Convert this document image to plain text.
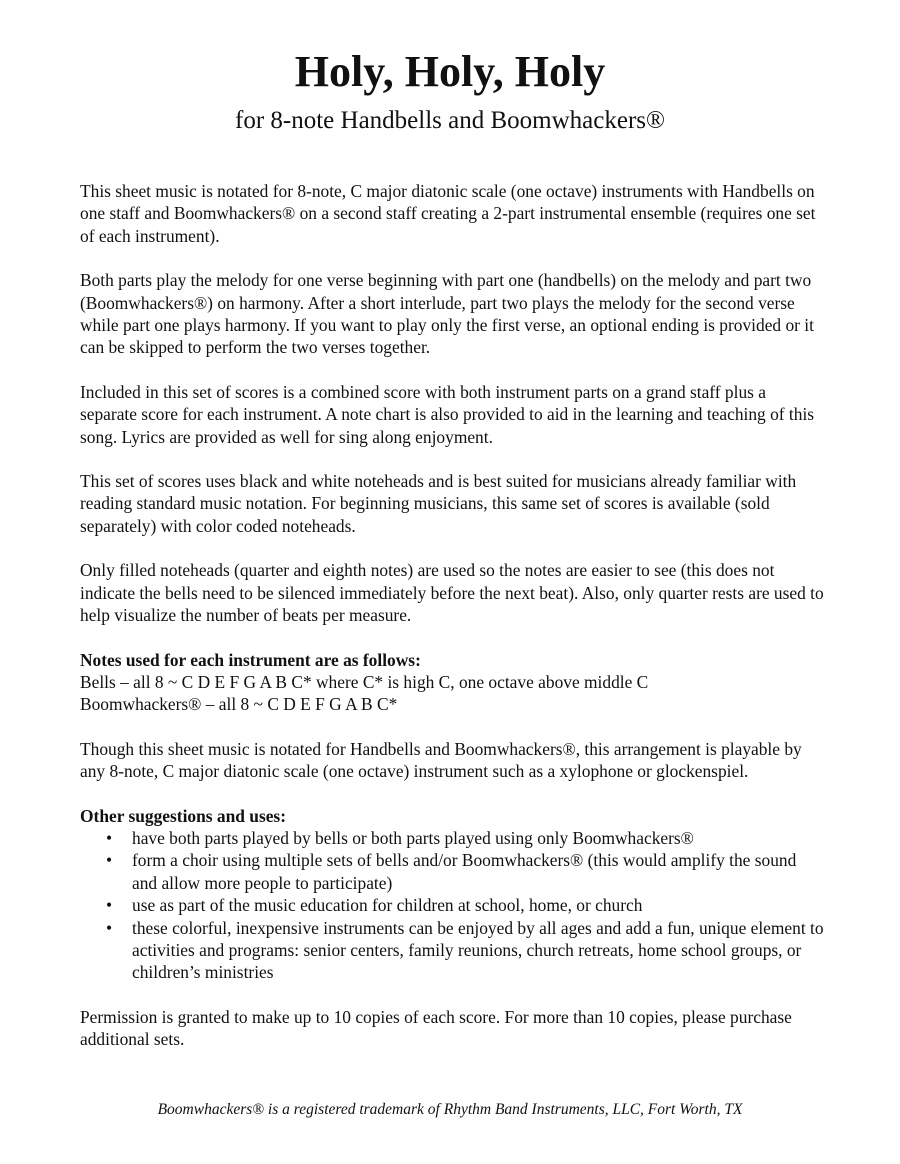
Holy, Holy, Holy
for 8-note Handbells and Boomwhackers®

This sheet music is notated for 8-note, C major diatonic scale (one octave) instruments with Handbells on one staff and Boomwhackers® on a second staff creating a 2-part instrumental ensemble (requires one set of each instrument).

Both parts play the melody for one verse beginning with part one (handbells) on the melody and part two (Boomwhackers®) on harmony. After a short interlude, part two plays the melody for the second verse while part one plays harmony. If you want to play only the first verse, an optional ending is provided or it can be skipped to perform the two verses together.

Included in this set of scores is a combined score with both instrument parts on a grand staff plus a separate score for each instrument. A note chart is also provided to aid in the learning and teaching of this song. Lyrics are provided as well for sing along enjoyment.

This set of scores uses black and white noteheads and is best suited for musicians already familiar with reading standard music notation. For beginning musicians, this same set of scores is available (sold separately) with color coded noteheads.

Only filled noteheads (quarter and eighth notes) are used so the notes are easier to see (this does not indicate the bells need to be silenced immediately before the next beat). Also, only quarter rests are used to help visualize the number of beats per measure.

Notes used for each instrument are as follows:
Bells – all 8 ~ C D E F G A B C* where C* is high C, one octave above middle C
Boomwhackers® – all 8 ~ C D E F G A B C*

Though this sheet music is notated for Handbells and Boomwhackers®, this arrangement is playable by any 8-note, C major diatonic scale (one octave) instrument such as a xylophone or glockenspiel.

Other suggestions and uses:
• have both parts played by bells or both parts played using only Boomwhackers®
• form a choir using multiple sets of bells and/or Boomwhackers® (this would amplify the sound and allow more people to participate)
• use as part of the music education for children at school, home, or church
• these colorful, inexpensive instruments can be enjoyed by all ages and add a fun, unique element to activities and programs: senior centers, family reunions, church retreats, home school groups, or children’s ministries

Permission is granted to make up to 10 copies of each score. For more than 10 copies, please purchase additional sets.

Boomwhackers® is a registered trademark of Rhythm Band Instruments, LLC, Fort Worth, TX
